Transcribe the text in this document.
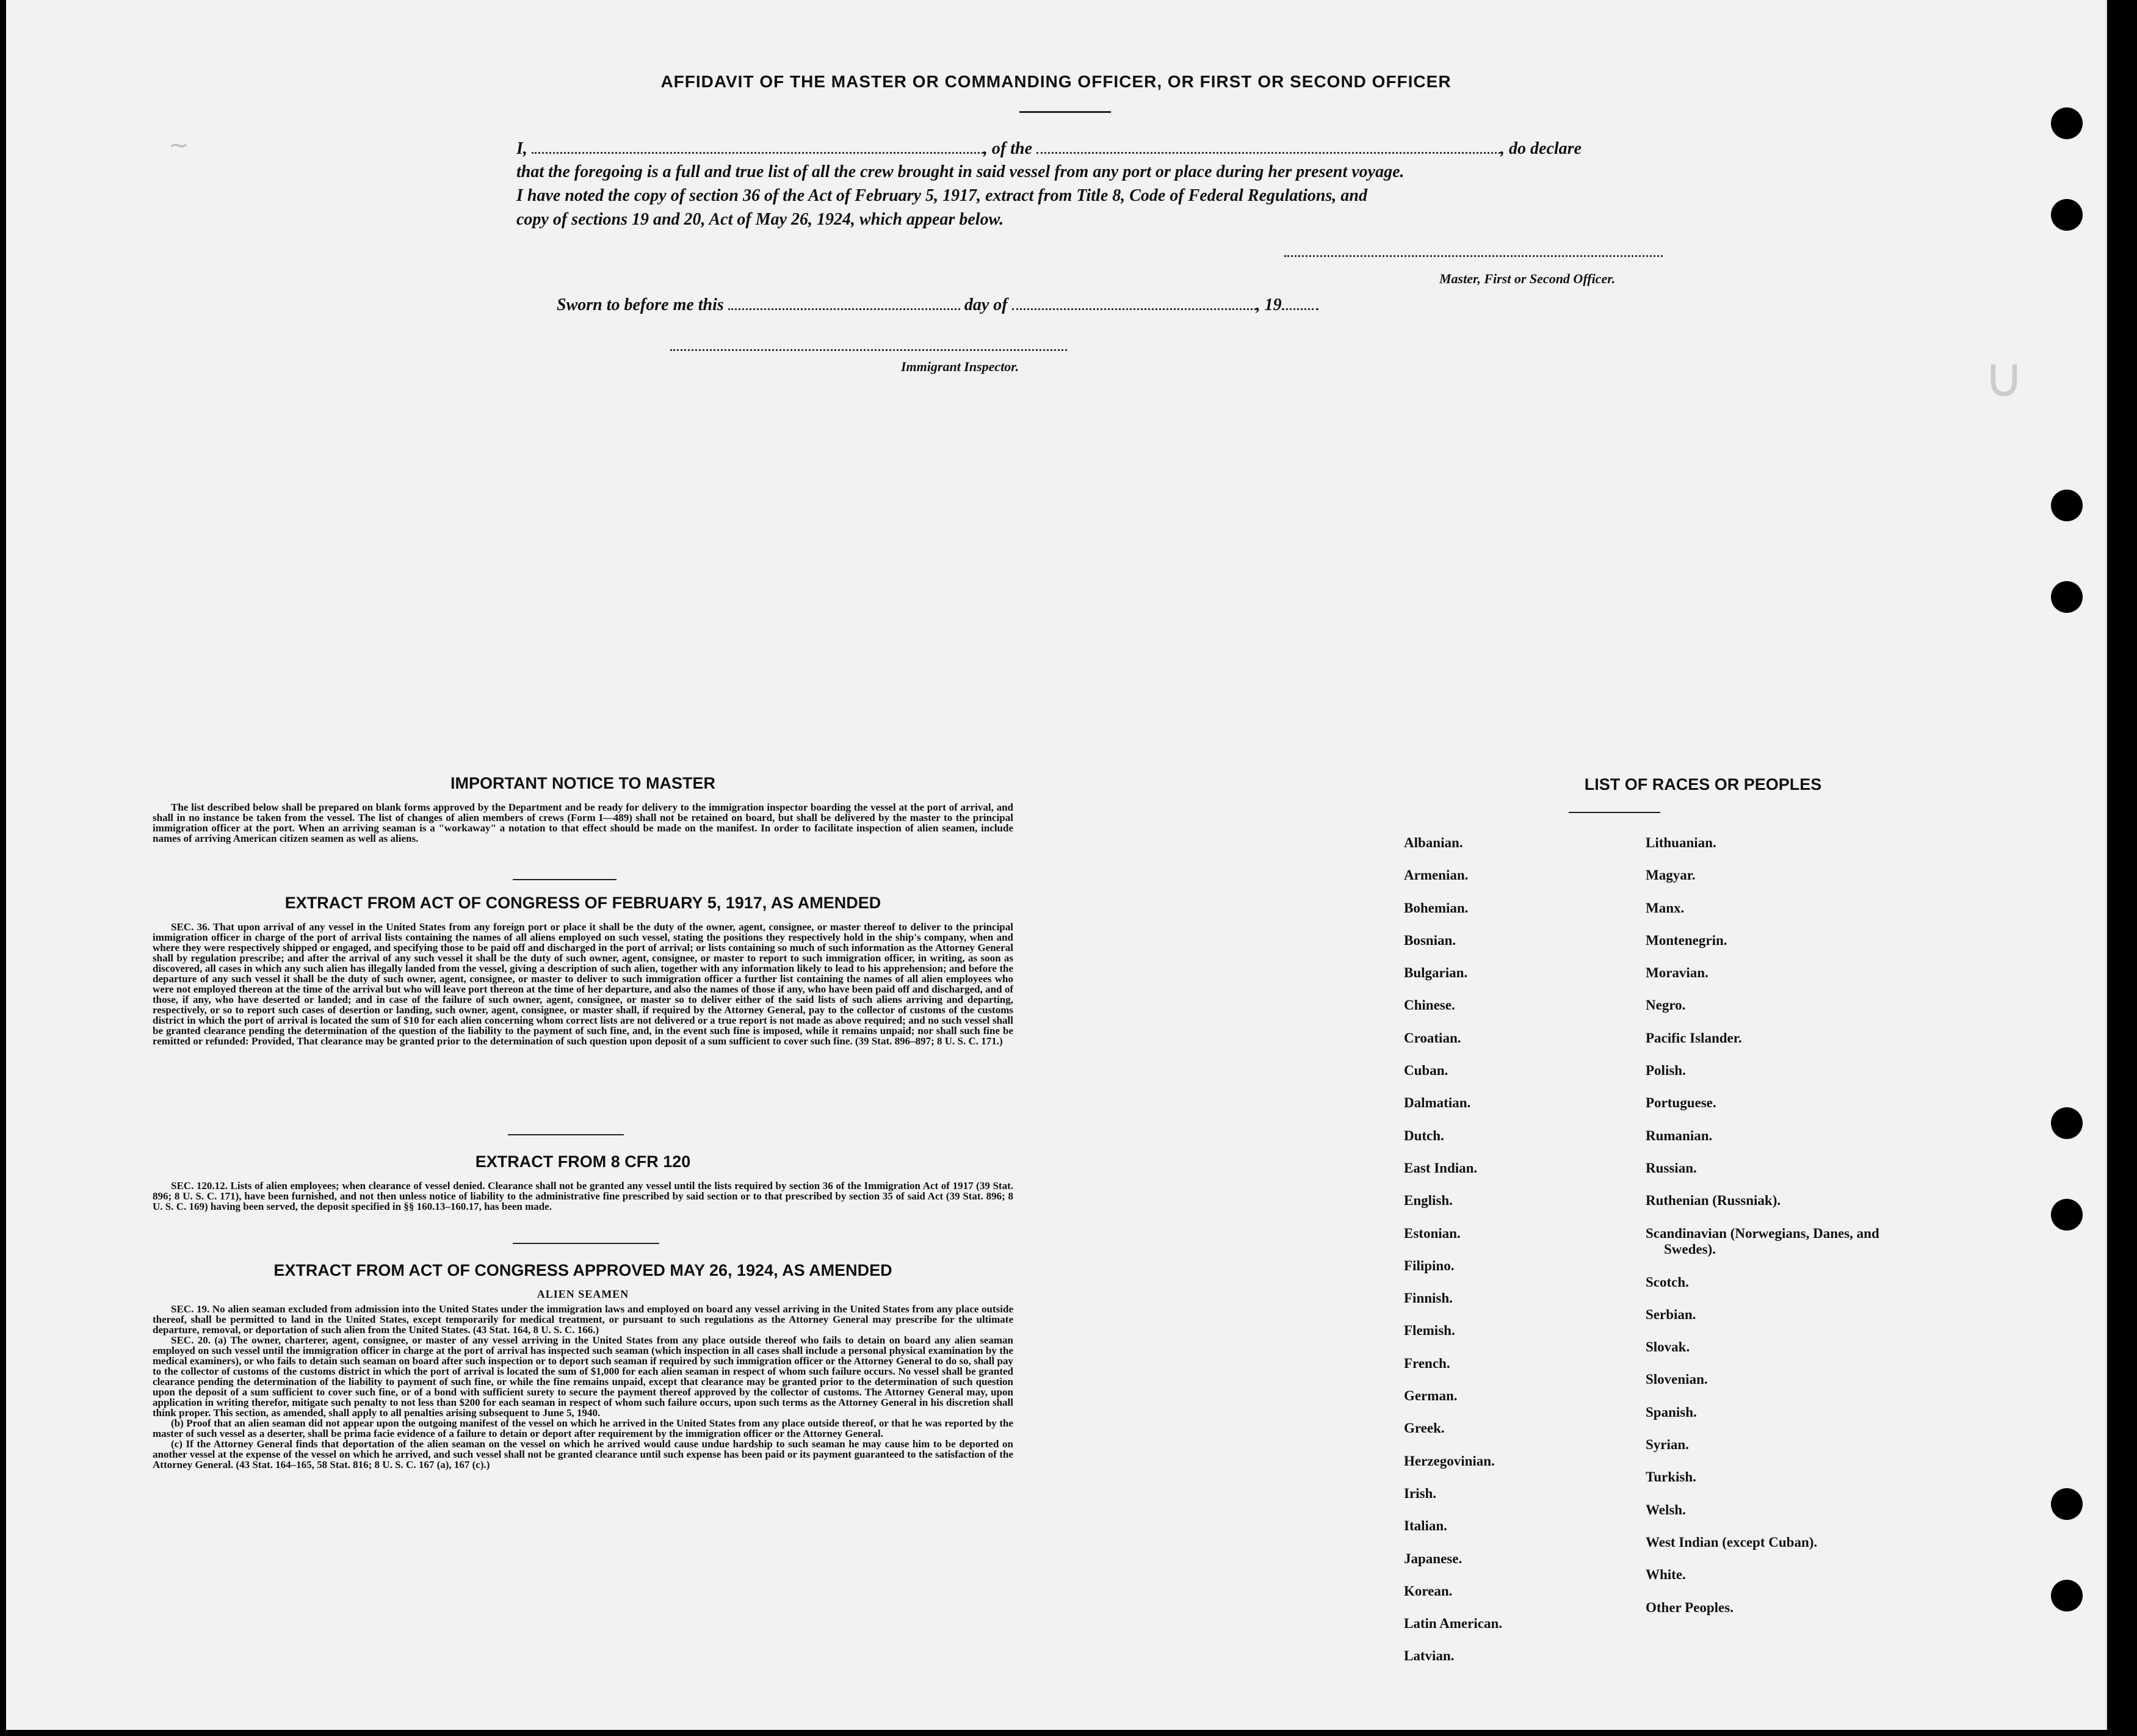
AFFIDAVIT OF THE MASTER OR COMMANDING OFFICER, OR FIRST OR SECOND OFFICER
I,	, of the	, do declare
that the foregoing is a full and true list of all the crew brought in said vessel from any port or place during her present voyage.
I have noted the copy of section 36 of the Act of February 5, 1917, extract from Title 8, Code of Federal Regulations, and
copy of sections 19 and 20, Act of May 26, 1924, which appear below.
Master, First or Second Officer.
Sworn to before me this	day of	, 19
Immigrant Inspector.
∼
∪
IMPORTANT NOTICE TO MASTER
The list described below shall be prepared on blank forms approved by the Department and be ready for delivery to the immigration inspector boarding the vessel at the port of arrival, and shall in no instance be taken from the vessel. The list of changes of alien members of crews (Form I—489) shall not be retained on board, but shall be delivered by the master to the principal immigration officer at the port. When an arriving seaman is a "workaway" a notation to that effect should be made on the manifest. In order to facilitate inspection of alien seamen, include names of arriving American citizen seamen as well as aliens.
EXTRACT FROM ACT OF CONGRESS OF FEBRUARY 5, 1917, AS AMENDED
SEC. 36. That upon arrival of any vessel in the United States from any foreign port or place it shall be the duty of the owner, agent, consignee, or master thereof to deliver to the principal immigration officer in charge of the port of arrival lists containing the names of all aliens employed on such vessel, stating the positions they respectively hold in the ship's company, when and where they were respectively shipped or engaged, and specifying those to be paid off and discharged in the port of arrival; or lists containing so much of such information as the Attorney General shall by regulation prescribe; and after the arrival of any such vessel it shall be the duty of such owner, agent, consignee, or master to report to such immigration officer, in writing, as soon as discovered, all cases in which any such alien has illegally landed from the vessel, giving a description of such alien, together with any information likely to lead to his apprehension; and before the departure of any such vessel it shall be the duty of such owner, agent, consignee, or master to deliver to such immigration officer a further list containing the names of all alien employees who were not employed thereon at the time of the arrival but who will leave port thereon at the time of her departure, and also the names of those if any, who have been paid off and discharged, and of those, if any, who have deserted or landed; and in case of the failure of such owner, agent, consignee, or master so to deliver either of the said lists of such aliens arriving and departing, respectively, or so to report such cases of desertion or landing, such owner, agent, consignee, or master shall, if required by the Attorney General, pay to the collector of customs of the customs district in which the port of arrival is located the sum of $10 for each alien concerning whom correct lists are not delivered or a true report is not made as above required; and no such vessel shall be granted clearance pending the determination of the question of the liability to the payment of such fine, and, in the event such fine is imposed, while it remains unpaid; nor shall such fine be remitted or refunded: Provided, That clearance may be granted prior to the determination of such question upon deposit of a sum sufficient to cover such fine. (39 Stat. 896–897; 8 U. S. C. 171.)
EXTRACT FROM 8 CFR 120
SEC. 120.12. Lists of alien employees; when clearance of vessel denied. Clearance shall not be granted any vessel until the lists required by section 36 of the Immigration Act of 1917 (39 Stat. 896; 8 U. S. C. 171), have been furnished, and not then unless notice of liability to the administrative fine prescribed by said section or to that prescribed by section 35 of said Act (39 Stat. 896; 8 U. S. C. 169) having been served, the deposit specified in §§ 160.13–160.17, has been made.
EXTRACT FROM ACT OF CONGRESS APPROVED MAY 26, 1924, AS AMENDED
ALIEN SEAMEN
SEC. 19. No alien seaman excluded from admission into the United States under the immigration laws and employed on board any vessel arriving in the United States from any place outside thereof, shall be permitted to land in the United States, except temporarily for medical treatment, or pursuant to such regulations as the Attorney General may prescribe for the ultimate departure, removal, or deportation of such alien from the United States. (43 Stat. 164, 8 U. S. C. 166.)
SEC. 20. (a) The owner, charterer, agent, consignee, or master of any vessel arriving in the United States from any place outside thereof who fails to detain on board any alien seaman employed on such vessel until the immigration officer in charge at the port of arrival has inspected such seaman (which inspection in all cases shall include a personal physical examination by the medical examiners), or who fails to detain such seaman on board after such inspection or to deport such seaman if required by such immigration officer or the Attorney General to do so, shall pay to the collector of customs of the customs district in which the port of arrival is located the sum of $1,000 for each alien seaman in respect of whom such failure occurs. No vessel shall be granted clearance pending the determination of the liability to payment of such fine, or while the fine remains unpaid, except that clearance may be granted prior to the determination of such question upon the deposit of a sum sufficient to cover such fine, or of a bond with sufficient surety to secure the payment thereof approved by the collector of customs. The Attorney General may, upon application in writing therefor, mitigate such penalty to not less than $200 for each seaman in respect of whom such failure occurs, upon such terms as the Attorney General in his discretion shall think proper. This section, as amended, shall apply to all penalties arising subsequent to June 5, 1940.
(b) Proof that an alien seaman did not appear upon the outgoing manifest of the vessel on which he arrived in the United States from any place outside thereof, or that he was reported by the master of such vessel as a deserter, shall be prima facie evidence of a failure to detain or deport after requirement by the immigration officer or the Attorney General.
(c) If the Attorney General finds that deportation of the alien seaman on the vessel on which he arrived would cause undue hardship to such seaman he may cause him to be deported on another vessel at the expense of the vessel on which he arrived, and such vessel shall not be granted clearance until such expense has been paid or its payment guaranteed to the satisfaction of the Attorney General. (43 Stat. 164–165, 58 Stat. 816; 8 U. S. C. 167 (a), 167 (c).)
LIST OF RACES OR PEOPLES
Albanian.
Armenian.
Bohemian.
Bosnian.
Bulgarian.
Chinese.
Croatian.
Cuban.
Dalmatian.
Dutch.
East Indian.
English.
Estonian.
Filipino.
Finnish.
Flemish.
French.
German.
Greek.
Herzegovinian.
Irish.
Italian.
Japanese.
Korean.
Latin American.
Latvian.
Lithuanian.
Magyar.
Manx.
Montenegrin.
Moravian.
Negro.
Pacific Islander.
Polish.
Portuguese.
Rumanian.
Russian.
Ruthenian (Russniak).
Scandinavian (Norwegians, Danes, and Swedes).
Scotch.
Serbian.
Slovak.
Slovenian.
Spanish.
Syrian.
Turkish.
Welsh.
West Indian (except Cuban).
White.
Other Peoples.
